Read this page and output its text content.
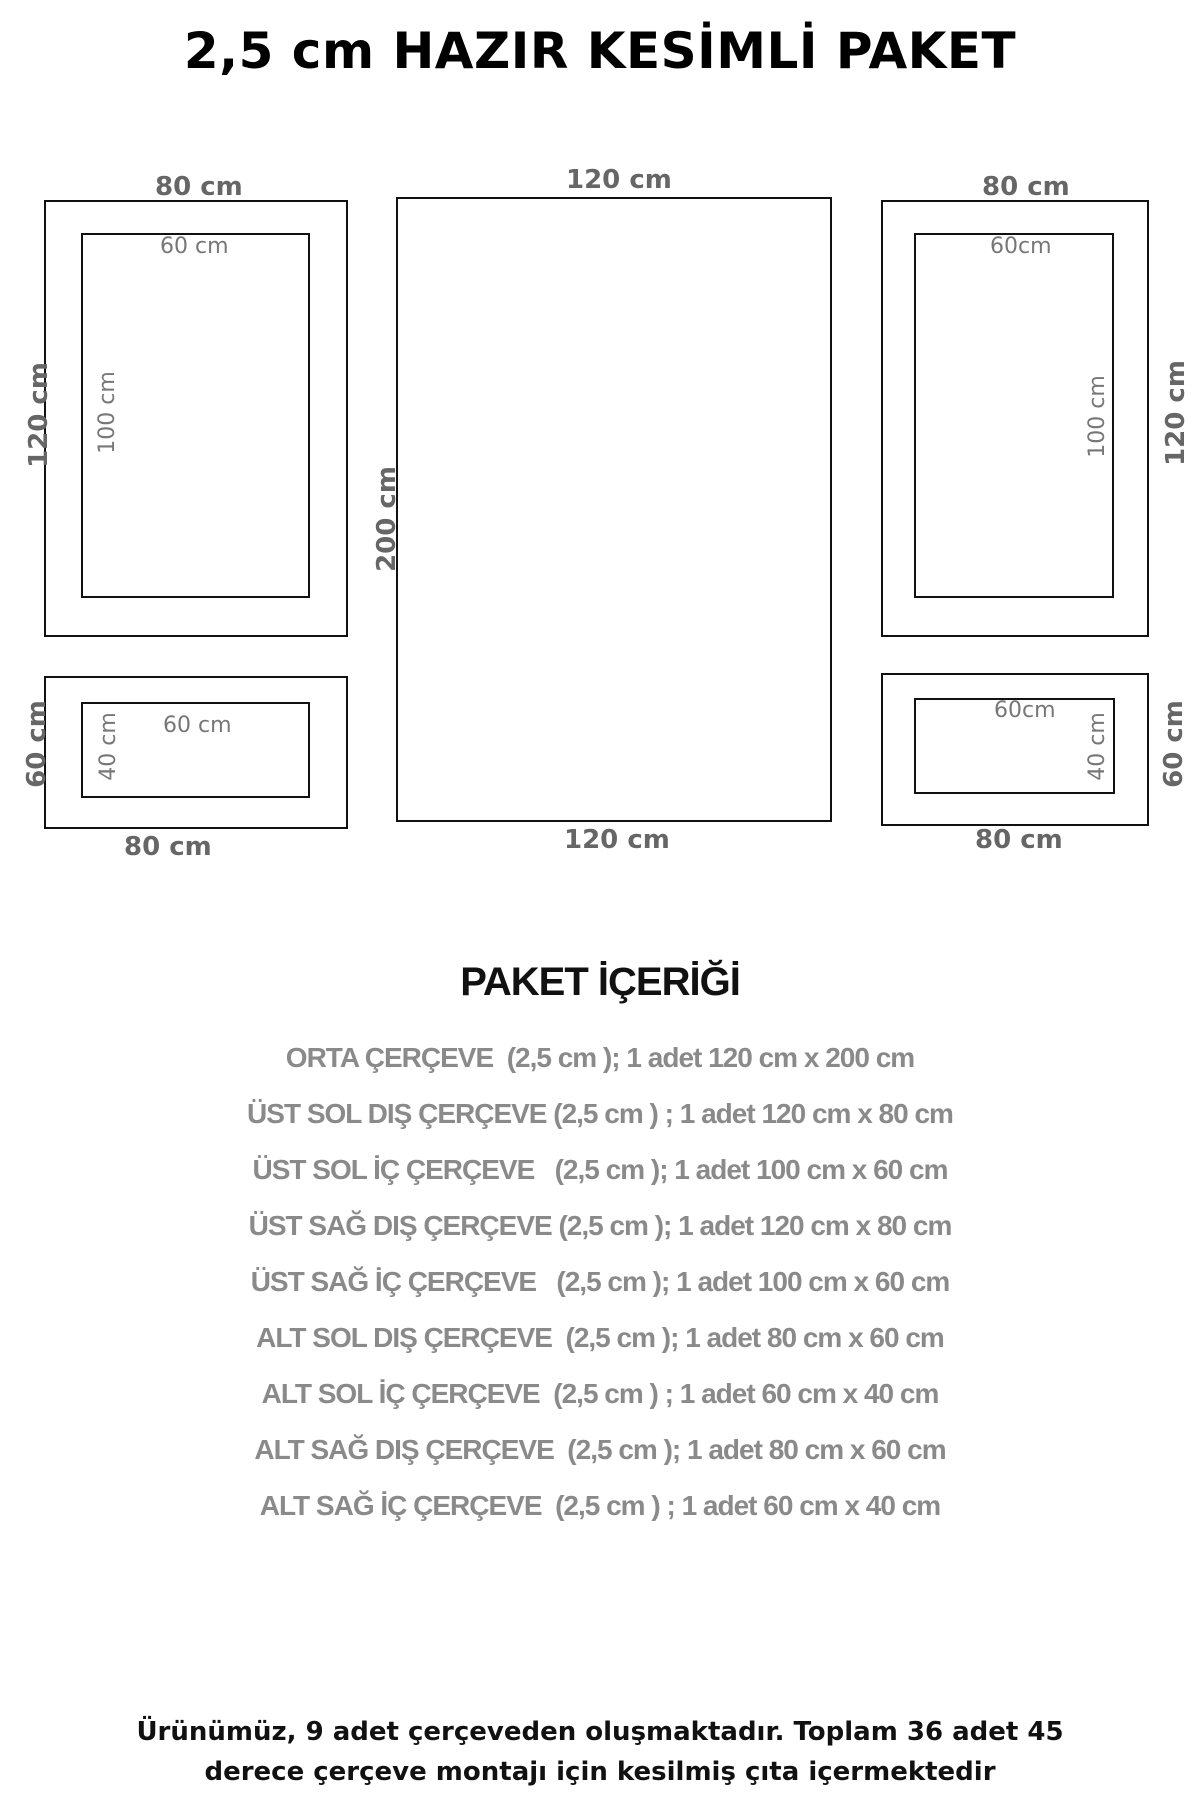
2,5 cm HAZIR KESİMLİ PAKET
80 cm
60 cm
120 cm 100 cm
120 cm
120 cm
200 cm
80 cm
60cm
120 cm
100 cm
60 cm
40 cm
60 cm
80 cm
60cm
40 cm 60 cm
80 cm
PAKET İÇERİĞİ
ORTA ÇERÇEVE  (2,5 cm ); 1 adet 120 cm x 200 cm
ÜST SOL DIŞ ÇERÇEVE (2,5 cm ) ; 1 adet 120 cm x 80 cm
ÜST SOL İÇ ÇERÇEVE   (2,5 cm ); 1 adet 100 cm x 60 cm
ÜST SAĞ DIŞ ÇERÇEVE (2,5 cm ); 1 adet 120 cm x 80 cm
ÜST SAĞ İÇ ÇERÇEVE   (2,5 cm ); 1 adet 100 cm x 60 cm
ALT SOL DIŞ ÇERÇEVE  (2,5 cm ); 1 adet 80 cm x 60 cm
ALT SOL İÇ ÇERÇEVE  (2,5 cm ) ; 1 adet 60 cm x 40 cm
ALT SAĞ DIŞ ÇERÇEVE  (2,5 cm ); 1 adet 80 cm x 60 cm
ALT SAĞ İÇ ÇERÇEVE  (2,5 cm ) ; 1 adet 60 cm x 40 cm
Ürünümüz, 9 adet çerçeveden oluşmaktadır. Toplam 36 adet 45 derece çerçeve montajı için kesilmiş çıta içermektedir
